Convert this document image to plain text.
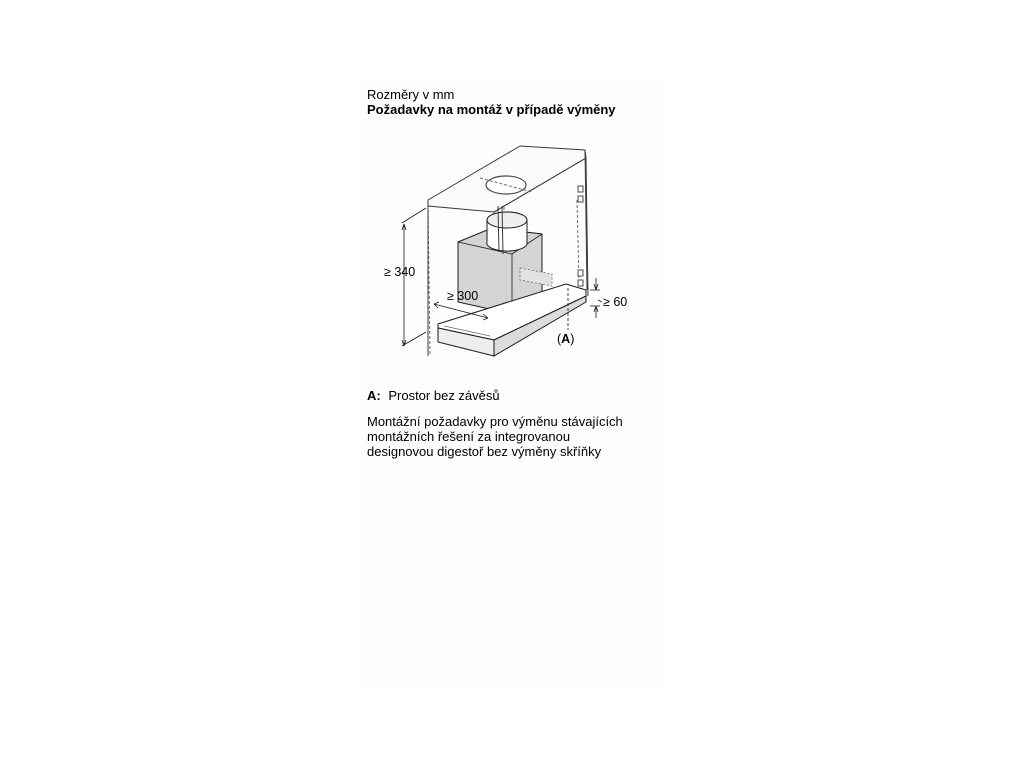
Rozměry v mm
Požadavky na montáž v případě výměny
≥ 340
≥ 300	≥ 60
(A)
A: Prostor bez závěsů
Montážní požadavky pro výměnu stávajících
montážních řešení za integrovanou
designovou digestoř bez výměny skříňky
